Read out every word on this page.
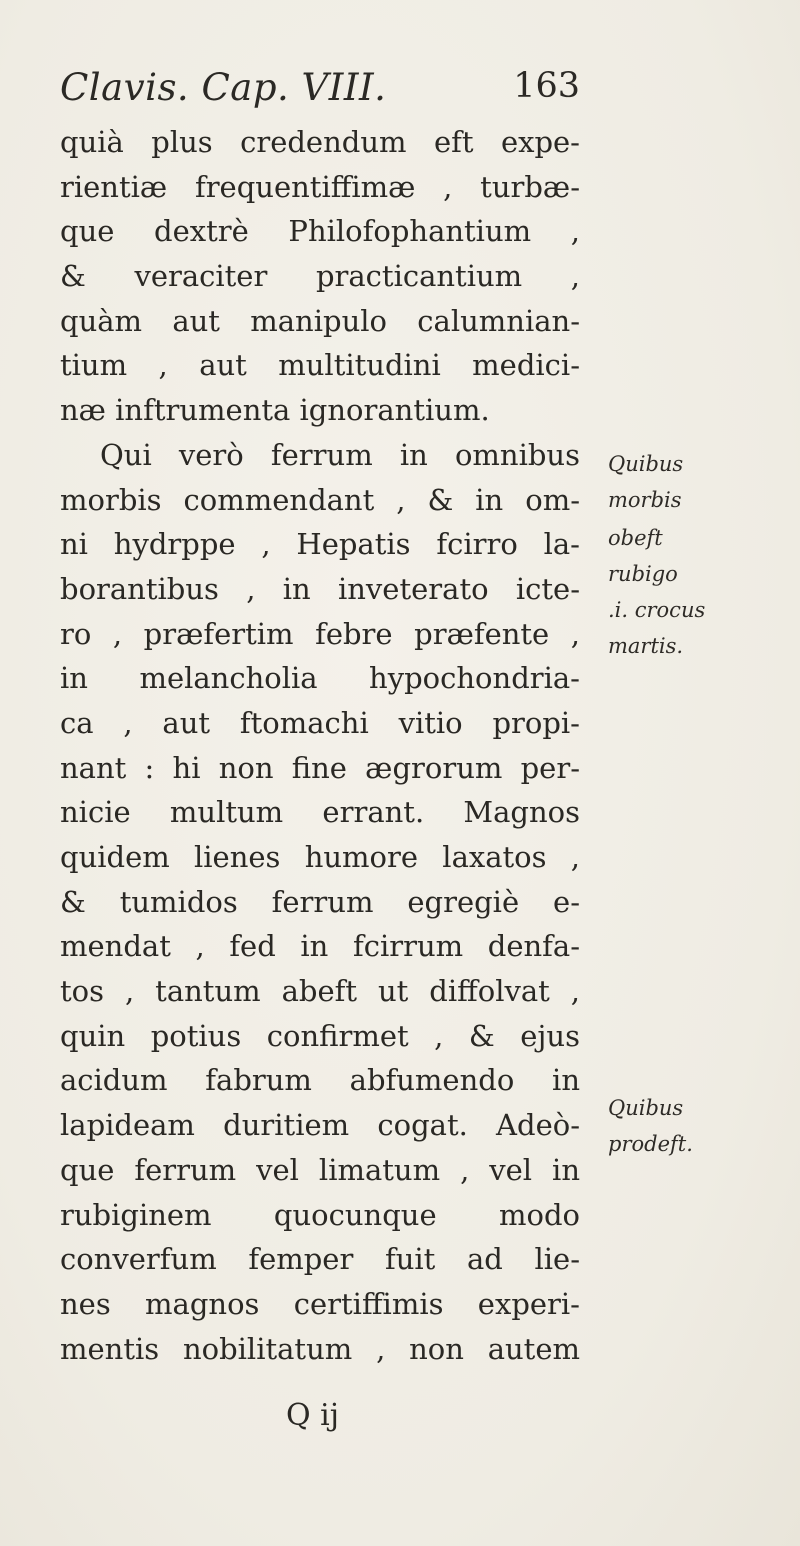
Clavis. Cap. VIII.	163
quià plus credendum eft expe-
rientiæ frequentiffimæ , turbæ-
que dextrè Philofophantium ,
& veraciter practicantium ,
quàm aut manipulo calumnian-
tium , aut multitudini medici-
næ inftrumenta ignorantium.
Qui verò ferrum in omnibus
morbis commendant , & in om-
ni hydrppe , Hepatis fcirro la-
borantibus , in inveterato icte-
ro , præfertim febre præfente ,
in melancholia hypochondria-
ca , aut ftomachi vitio propi-
nant : hi non fine ægrorum per-
nicie multum errant. Magnos
quidem lienes humore laxatos ,
& tumidos ferrum egregiè e-
mendat , fed in fcirrum denfa-
tos , tantum abeft ut diffolvat ,
quin potius confirmet , & ejus
acidum fabrum abfumendo in
lapideam duritiem cogat. Adeò-
que ferrum vel limatum , vel in
rubiginem quocunque modo
converfum femper fuit ad lie-
nes magnos certiffimis experi-
mentis nobilitatum , non autem
Quibus
morbis
obeft
rubigo
.i. crocus
martis.
Quibus
prodeft.
Q ij
